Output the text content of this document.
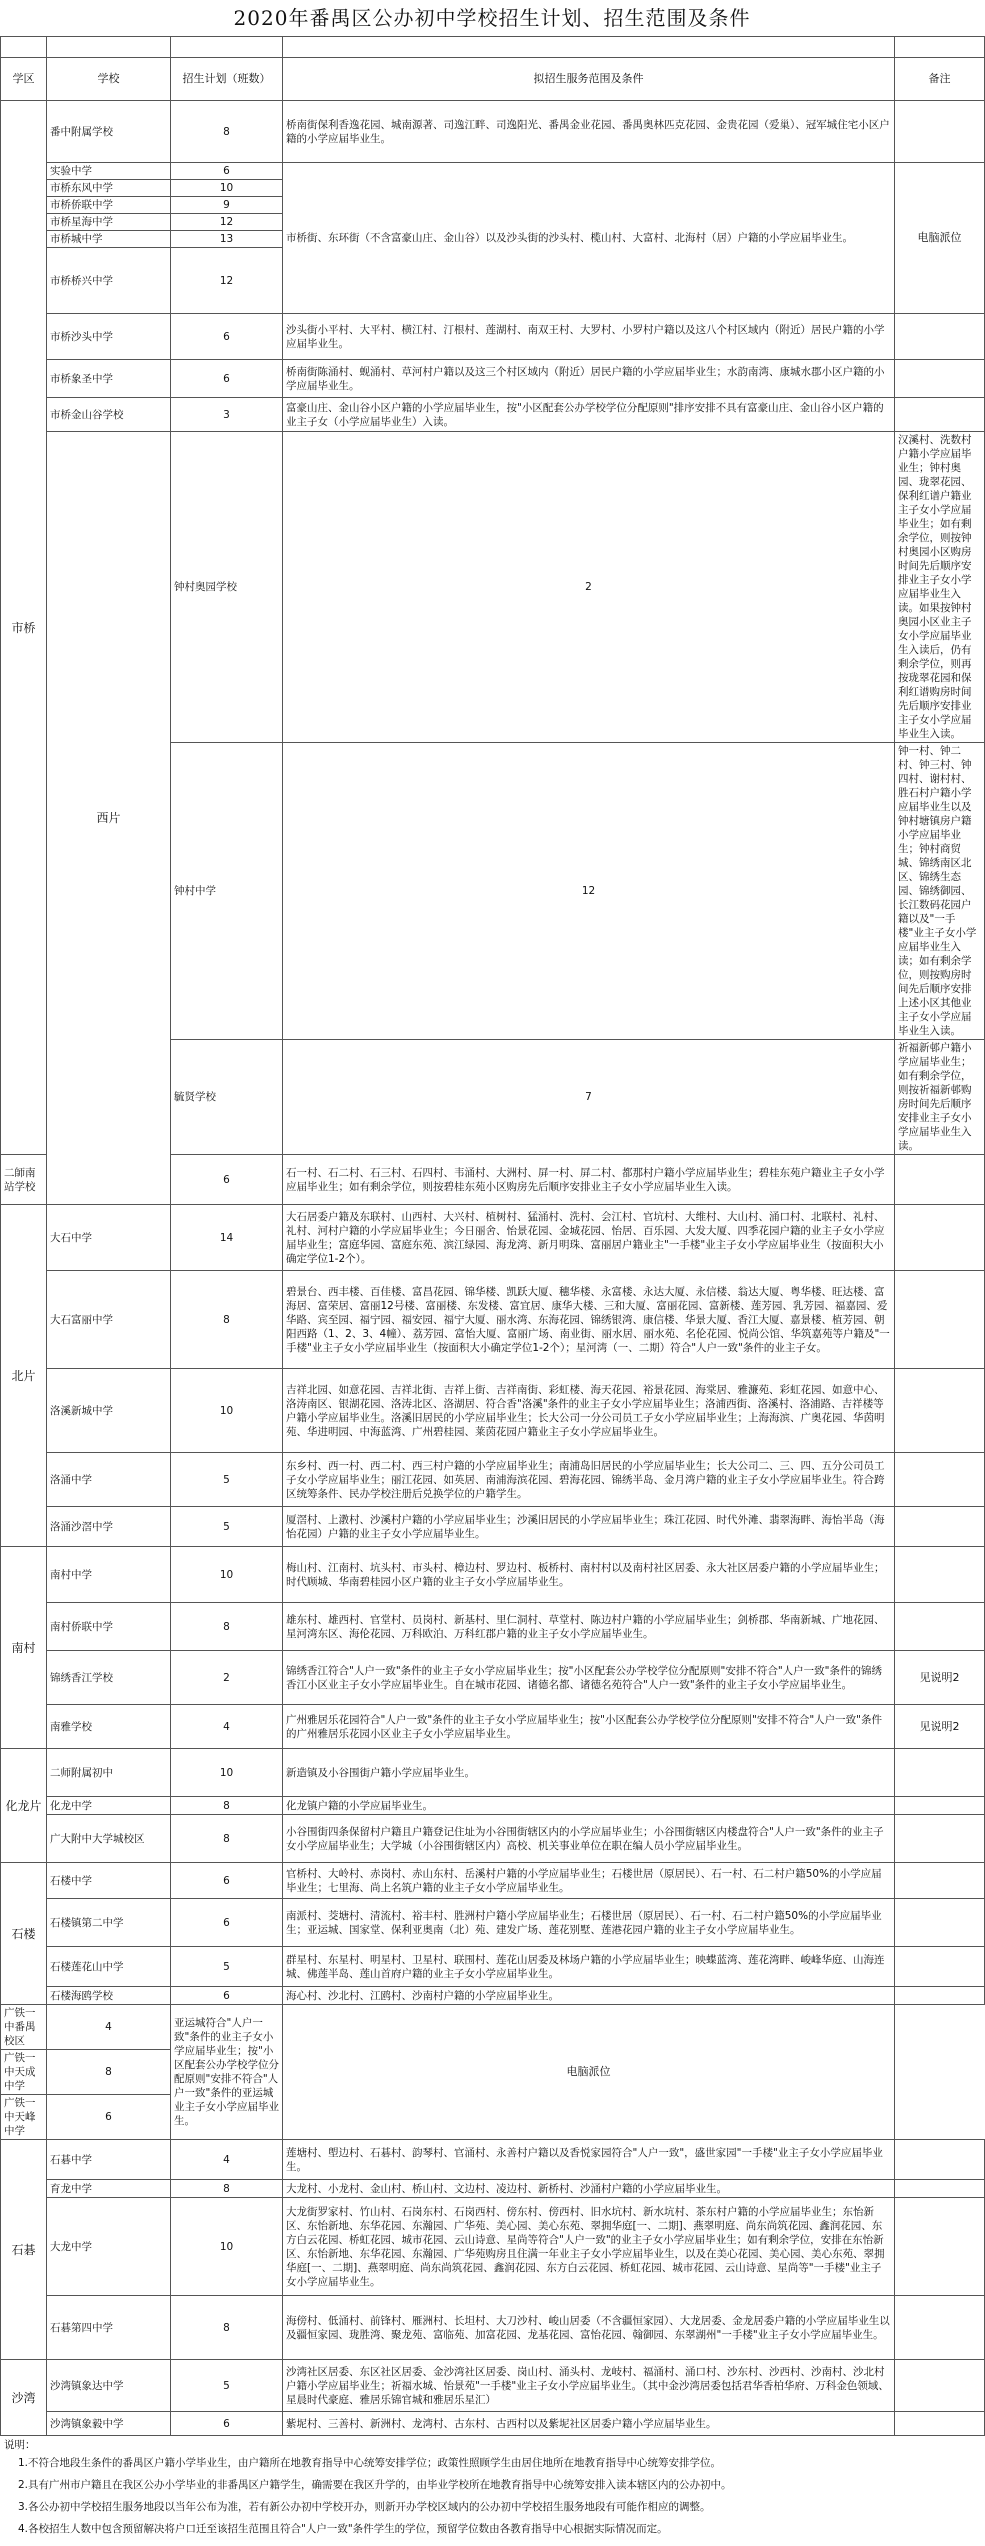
2020年番禺区公办初中学校招生计划、招生范围及条件

学区	学校	招生计划（班数）	拟招生服务范围及条件	备注	
市桥	番中附属学校	8	桥南街保利香逸花园、城南源著、司逸江畔、司逸阳光、番禺金业花园、番禺奥林匹克花园、金贵花园（爱巢）、冠军城住宅小区户籍的小学应届毕业生。		
	实验中学	6	市桥街、东环街（不含富豪山庄、金山谷）以及沙头街的沙头村、榄山村、大富村、北海村（居）户籍的小学应届毕业生。	电脑派位	
	市桥东风中学	10			
	市桥侨联中学	9			
	市桥星海中学	12			
	市桥城中学	13			
	市桥桥兴中学	12			
	市桥沙头中学	6	沙头街小平村、大平村、横江村、汀根村、莲湖村、南双王村、大罗村、小罗村户籍以及这八个村区域内（附近）居民户籍的小学应届毕业生。		
	市桥象圣中学	6	桥南街陈涌村、蚬涌村、草河村户籍以及这三个村区域内（附近）居民户籍的小学应届毕业生；水韵南湾、康城水郡小区户籍的小学应届毕业生。		
	市桥金山谷学校	3	富豪山庄、金山谷小区户籍的小学应届毕业生，按"小区配套公办学校学位分配原则"排序安排不具有富豪山庄、金山谷小区户籍的业主子女（小学应届毕业生）入读。		
	西片	钟村奥园学校	2	汉溪村、洗数村户籍小学应届毕业生；钟村奥园、珑翠花园、保利红谱户籍业主子女小学应届毕业生；如有剩余学位，则按钟村奥园小区购房时间先后顺序安排业主子女小学应届毕业生入读。如果按钟村奥园小区业主子女小学应届毕业生入读后，仍有剩余学位，则再按珑翠花园和保利红谱购房时间先后顺序安排业主子女小学应届毕业生入读。	
		钟村中学	12	钟一村、钟二村、钟三村、钟四村、谢村村、胜石村户籍小学应届毕业生以及钟村塘镇房户籍小学应届毕业生；钟村商贸城、锦绣南区北区、锦绣生态园、锦绣御园、长江数码花园户籍以及"一手楼"业主子女小学应届毕业生入读；如有剩余学位，则按购房时间先后顺序安排上述小区其他业主子女小学应届毕业生入读。	
		毓贤学校	7	祈福新邨户籍小学应届毕业生；如有剩余学位，则按祈福新邨购房时间先后顺序安排业主子女小学应届毕业生入读。	
二師南站学校		6	石一村、石二村、石三村、石四村、韦涌村、大洲村、屏一村、屏二村、都那村户籍小学应届毕业生；碧桂东苑户籍业主子女小学应届毕业生；如有剩余学位，则按碧桂东苑小区购房先后顺序安排业主子女小学应届毕业生入读。		
北片	大石中学	14	大石居委户籍及东联村、山西村、大兴村、植树村、猛涌村、洗村、会江村、官坑村、大维村、大山村、涌口村、北联村、礼村、礼村、河村户籍的小学应届毕业生；今日丽舍、怡景花园、金城花园、怡居、百乐园、大发大厦、四季花园户籍的业主子女小学应届毕业生；富庭华园、富庭东苑、滨江绿园、海龙湾、新月明珠、富丽居户籍业主"一手楼"业主子女小学应届毕业生（按面积大小确定学位1-2个）。		
	大石富丽中学	8	碧景台、西丰楼、百佳楼、富昌花园、锦华楼、凯跃大厦、穗华楼、永富楼、永达大厦、永信楼、翁达大厦、粤华楼、旺达楼、富海居、富荣居、富丽12号楼、富丽楼、东发楼、富宜居、康华大楼、三和大厦、富丽花园、富新楼、莲芳园、乳芳园、福嘉园、爱华路、宾至园、福宁园、福安园、福宁大厦、丽水湾、东海花园、锦绣银湾、康信楼、华景大厦、香江大厦、嘉景楼、植芳园、朝阳西路（1、2、3、4幢）、荔芳园、富怡大厦、富丽广场、南业街、丽水居、丽水苑、名伦花园、悦尚公馆、华筑嘉苑等户籍及"一手楼"业主子女小学应届毕业生（按面积大小确定学位1-2个）；星河湾（一、二期）符合"人户一致"条件的业主子女。		
	洛溪新城中学	10	吉祥北园、如意花园、吉祥北街、吉祥上街、吉祥南街、彩虹楼、海天花园、裕景花园、海棠居、雅濂苑、彩虹花园、如意中心、洛涛南区、银湖花园、洛涛北区、洛湖居、符合香"洛溪"条件的业主子女小学应届毕业生；洛浦西街、洛溪村、洛浦路、吉祥楼等户籍小学应届毕业生。洛溪旧居民的小学应届毕业生；长大公司一分公司员工子女小学应届毕业生；上海海滨、广奥花园、华茵明苑、华进明园、中海蓝湾、广州碧桂园、莱茵花园户籍业主子女小学应届毕业生。		
	洛涌中学	5	东乡村、西一村、西二村、西三村户籍的小学应届毕业生；南浦岛旧居民的小学应届毕业生；长大公司二、三、四、五分公司员工子女小学应届毕业生；丽江花园、如英居、南浦海滨花园、碧海花园、锦绣半岛、金月湾户籍的业主子女小学应届毕业生。符合跨区统筹条件、民办学校注册后兑换学位的户籍学生。		
	洛涌沙滘中学	5	厦滘村、上漖村、沙溪村户籍的小学应届毕业生；沙溪旧居民的小学应届毕业生；珠江花园、时代外滩、翡翠海畔、海怡半岛（海怡花园）户籍的业主子女小学应届毕业生。		
南村	南村中学	10	梅山村、江南村、坑头村、市头村、樟边村、罗边村、板桥村、南村村以及南村社区居委、永大社区居委户籍的小学应届毕业生；时代顾城、华南碧桂园小区户籍的业主子女小学应届毕业生。		
	南村侨联中学	8	雄东村、雄西村、官堂村、员岗村、新基村、里仁洞村、草堂村、陈边村户籍的小学应届毕业生；剑桥郡、华南新城、广地花园、星河湾东区、海伦花园、万科欧泊、万科红郡户籍的业主子女小学应届毕业生。		
	锦绣香江学校	2	锦绣香江符合"人户一致"条件的业主子女小学应届毕业生；按"小区配套公办学校学位分配原则"安排不符合"人户一致"条件的锦绣香江小区业主子女小学应届毕业生。自在城市花园、诸德名都、诸德名苑符合"人户一致"条件的业主子女小学应届毕业生。	见说明2	
	南雅学校	4	广州雅居乐花园符合"人户一致"条件的业主子女小学应届毕业生；按"小区配套公办学校学位分配原则"安排不符合"人户一致"条件的广州雅居乐花园小区业主子女小学应届毕业生。	见说明2	
化龙片	二师附属初中	10	新造镇及小谷围街户籍小学应届毕业生。		
	化龙中学	8	化龙镇户籍的小学应届毕业生。		
	广大附中大学城校区	8	小谷围街四条保留村户籍且户籍登记住址为小谷围街辖区内的小学应届毕业生；小谷围街辖区内楼盘符合"人户一致"条件的业主子女小学应届毕业生；大学城（小谷围街辖区内）高校、机关事业单位在职在编人员小学应届毕业生。		
石楼	石楼中学	6	官桥村、大岭村、赤岗村、赤山东村、岳溪村户籍的小学应届毕业生；石楼世居（原居民）、石一村、石二村户籍50%的小学应届毕业生；七里海、尚上名筑户籍的业主子女小学应届毕业生。		
	石楼镇第二中学	6	南派村、茭塘村、清流村、裕丰村、胜洲村户籍小学应届毕业生；石楼世居（原居民）、石一村、石二村户籍50%的小学应届毕业生；亚运城、国家堂、保利亚奥南（北）苑、建发广场、莲花别墅、莲港花园户籍的业主子女小学应届毕业生。		
	石楼莲花山中学	5	群星村、东星村、明星村、卫星村、联围村、莲花山居委及林场户籍的小学应届毕业生；映蝶蓝湾、莲花湾畔、峻峰华庭、山海连城、佛莲半岛、莲山首府户籍的业主子女小学应届毕业生。		
	石楼海鸥学校	6	海心村、沙北村、江鸥村、沙南村户籍的小学应届毕业生。		
广铁一中番禺校区	4	亚运城符合"人户一致"条件的业主子女小学应届毕业生；按"小区配套公办学校学位分配原则"安排不符合"人户一致"条件的亚运城业主子女小学应届毕业生。	电脑派位		
广铁一中天成中学	8				
广铁一中天峰中学	6				
石碁	石碁中学	4	莲塘村、塱边村、石碁村、韵琴村、官涌村、永善村户籍以及香悦家园符合"人户一致"，盛世家园"一手楼"业主子女小学应届毕业生。		
	育龙中学	8	大龙村、小龙村、金山村、桥山村、文边村、凌边村、新桥村、沙涌村户籍的小学应届毕业生。		
	大龙中学	10	大龙街罗家村、竹山村、石岗东村、石岗西村、傍东村、傍西村、旧水坑村、新水坑村、茶东村户籍的小学应届毕业生；东怡新区、东怡新地、东华花园、东瀚园、广华苑、美心园、美心东苑、翠拥华庭[一、二期]、燕翠明庭、尚东尚筑花园、鑫润花园、东方白云花园、桥虹花园、城市花园、云山诗意、星尚等符合"人户一致"的业主子女小学应届毕业生；如有剩余学位，安排在东怡新区、东怡新地、东华花园、东瀚园、广华苑购房且住满一年业主子女小学应届毕业生，以及在美心花园、美心园、美心东苑、翠拥华庭[一、二期]、燕翠明庭、尚东尚筑花园、鑫润花园、东方白云花园、桥虹花园、城市花园、云山诗意、星尚等"一手楼"业主子女小学应届毕业生。		
	石碁第四中学	8	海傍村、低涌村、前锋村、雁洲村、长坦村、大刀沙村、峻山居委（不含疆恒家园）、大龙居委、金龙居委户籍的小学应届毕业生以及疆恒家园、珑胜湾、聚龙苑、富临苑、加富花园、龙基花园、富怡花园、翰御园、东翠湖州"一手楼"业主子女小学应届毕业生。		
沙湾	沙湾镇象达中学	5	沙湾社区居委、东区社区居委、金沙湾社区居委、岗山村、涌头村、龙岐村、福涌村、涌口村、沙东村、沙西村、沙南村、沙北村户籍小学应届毕业生；祈福水城、怡景苑"一手楼"业主子女小学应届毕业生。（其中金沙湾居委包括君华香柏华府、万科金色领域、星晨时代豪庭、雅居乐锦官城和雅居乐星汇）		
	沙湾镇象毅中学	6	紫坭村、三善村、新洲村、龙湾村、古东村、古西村以及紫坭社区居委户籍小学应届毕业生。		
说明：
1.不符合地段生条件的番禺区户籍小学毕业生，由户籍所在地教育指导中心统筹安排学位；政策性照顾学生由居住地所在地教育指导中心统筹安排学位。
2.具有广州市户籍且在我区公办小学毕业的非番禺区户籍学生，确需要在我区升学的，由毕业学校所在地教育指导中心统筹安排入读本辖区内的公办初中。
3.各公办初中学校招生服务地段以当年公布为准，若有新公办初中学校开办，则新开办学校区域内的公办初中学校招生服务地段有可能作相应的调整。
4.各校招生人数中包含预留解决将户口迁至该招生范围且符合"人户一致"条件学生的学位，预留学位数由各教育指导中心根据实际情况而定。
